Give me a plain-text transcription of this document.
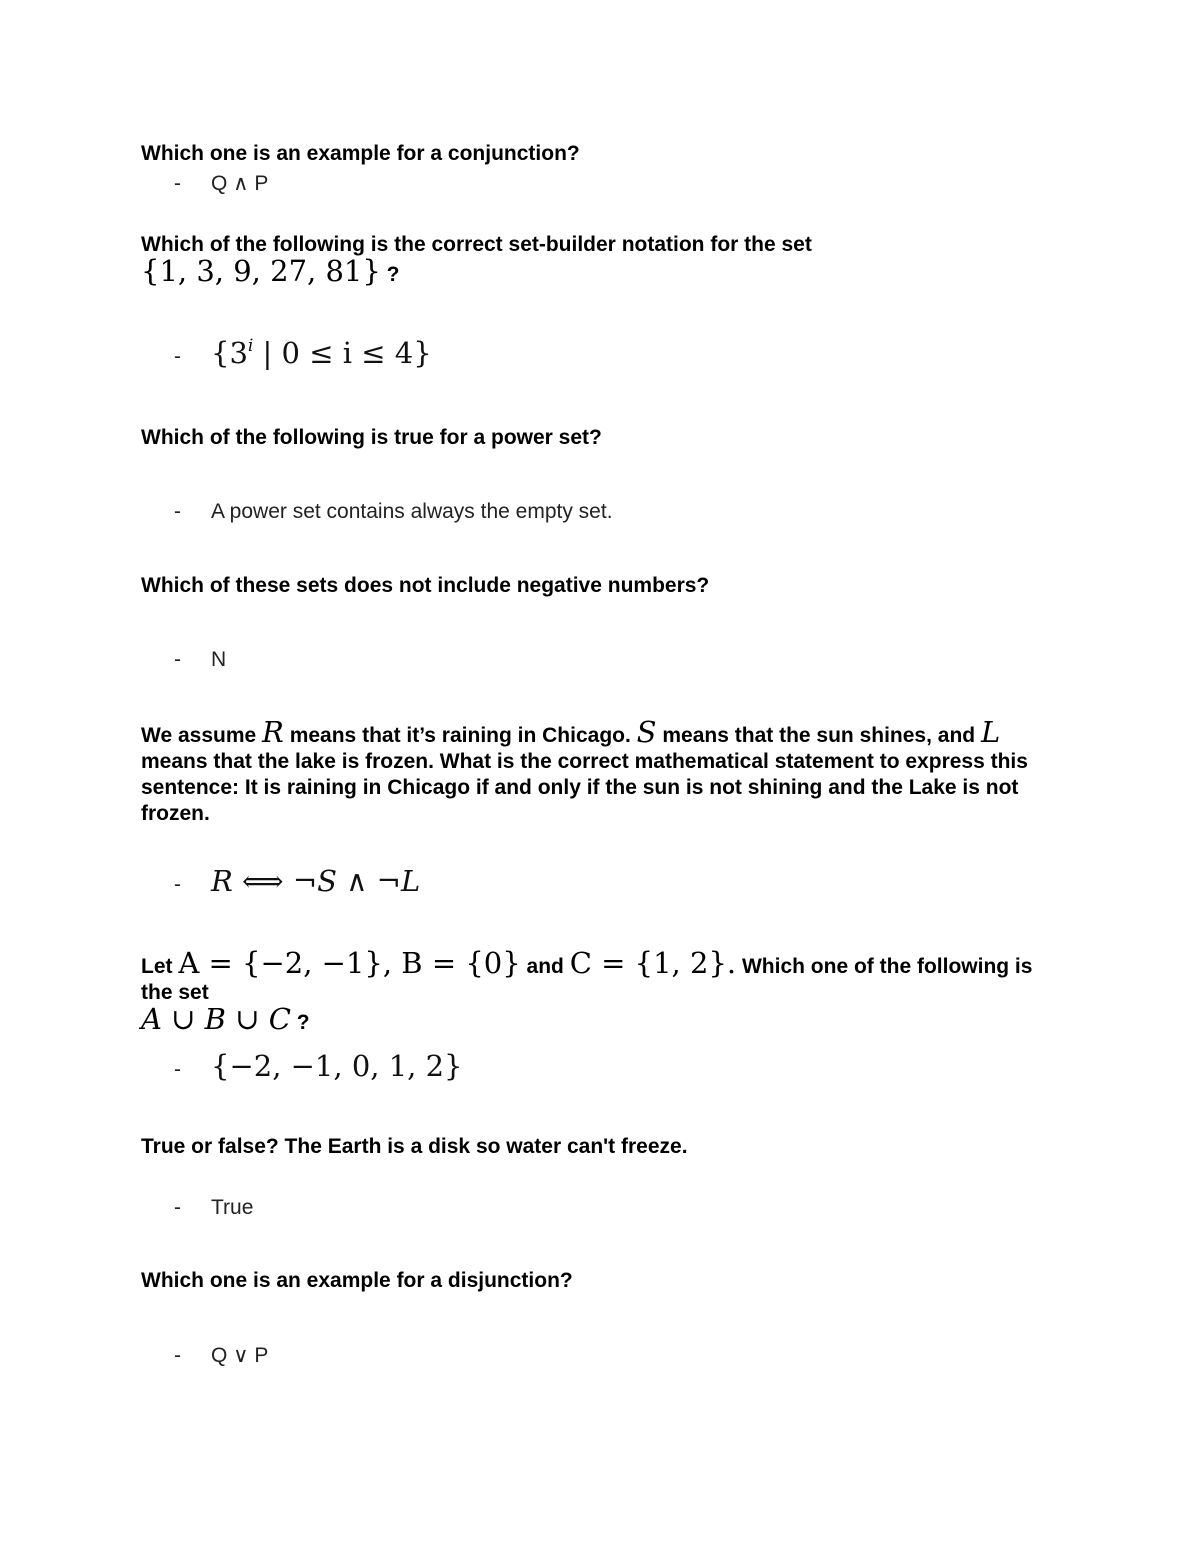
Which one is an example for a conjunction?

- Q ∧ P

Which of the following is the correct set-builder notation for the set
{1, 3, 9, 27, 81} ?

- {3$^i$ | 0 ≤ i ≤ 4}

Which of the following is true for a power set?

- A power set contains always the empty set.

Which of these sets does not include negative numbers?

- N

We assume R means that it’s raining in Chicago. S means that the sun shines, and L means that the lake is frozen. What is the correct mathematical statement to express this sentence: It is raining in Chicago if and only if the sun is not shining and the Lake is not frozen.

- R ⟺ ¬S ∧ ¬L

Let A = {−2, −1}, B = {0} and C = {1, 2}. Which one of the following is the set
A ∪ B ∪ C ?

- {−2, −1, 0, 1, 2}

True or false? The Earth is a disk so water can't freeze.

- True

Which one is an example for a disjunction?

- Q ∨ P
